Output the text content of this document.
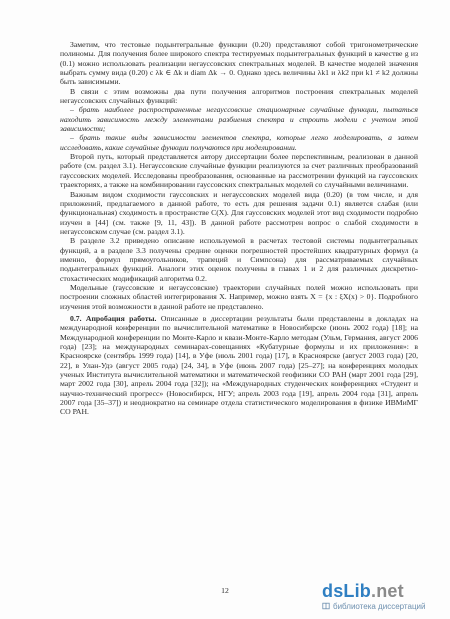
Заметим, что тестовые подынтегральные функции (0.20) представляют собой тригонометрические полиномы. Для получения более широкого спектра тестируемых подынтегральных функций в качестве g из (0.1) можно использовать реализации негауссовских спектральных моделей. В качестве моделей значения выбрать сумму вида (0.20) с λk ∈ Δk и diam Δk → 0. Однако здесь величины λk1 и λk2 при k1 ≠ k2 должны быть зависимыми.

В связи с этим возможны два пути получения алгоритмов построения спектральных моделей негауссовских случайных функций:

– брать наиболее распространенные негауссовские стационарные случайные функции, пытаться находить зависимость между элементами разбиения спектра и строить модели с учетом этой зависимости;

– брать такие виды зависимости элементов спектра, которые легко моделировать, а затем исследовать, какие случайные функции получаются при моделировании.

Второй путь, который представляется автору диссертации более перспективным, реализован в данной работе (см. раздел 3.1). Негауссовские случайные функции реализуются за счет различных преобразований гауссовских моделей. Исследованы преобразования, основанные на рассмотрении функций на гауссовских траекториях, а также на комбинировании гауссовских спектральных моделей со случайными величинами.

Важным видом сходимости гауссовских и негауссовских моделей вида (0.20) (в том числе, и для приложений, предлагаемого в данной работе, то есть для решения задачи 0.1) является слабая (или функциональная) сходимость в пространстве C(X). Для гауссовских моделей этот вид сходимости подробно изучен в [44] (см. также [9, 11, 43]). В данной работе рассмотрен вопрос о слабой сходимости в негауссовском случае (см. раздел 3.1).

В разделе 3.2 приведено описание используемой в расчетах тестовой системы подынтегральных функций, а в разделе 3.3 получены средние оценки погрешностей простейших квадратурных формул (а именно, формул прямоугольников, трапеций и Симпсона) для рассматриваемых случайных подынтегральных функций. Аналоги этих оценок получены в главах 1 и 2 для различных дискретно-стохастических модификаций алгоритма 0.2.

Модельные (гауссовские и негауссовские) траектории случайных полей можно использовать при построении сложных областей интегрирования X. Например, можно взять X = {x : ξX(x) > 0}. Подробного изучения этой возможности в данной работе не представлено.

0.7. Апробация работы. Описанные в диссертации результаты были представлены в докладах на международной конференции по вычислительной математике в Новосибирске (июнь 2002 года) [18]; на Международной конференции по Монте-Карло и квази-Монте-Карло методам (Ульм, Германия, август 2006 года) [23]; на международных семинарах-совещаниях «Кубатурные формулы и их приложения»: в Красноярске (сентябрь 1999 года) [14], в Уфе (июль 2001 года) [17], в Красноярске (август 2003 года) [20, 22], в Улан-Удэ (август 2005 года) [24, 34], в Уфе (июнь 2007 года) [25–27]; на конференциях молодых ученых Института вычислительной математики и математической геофизики СО РАН (март 2001 года [29], март 2002 года [30], апрель 2004 года [32]); на «Международных студенческих конференциях «Студент и научно-технический прогресс» (Новосибирск, НГУ; апрель 2003 года [19], апрель 2004 года [31], апрель 2007 года [35–37]) и неоднократно на семинаре отдела статистического моделирования в физике ИВМиМГ СО РАН.

12	dsLib.net
библиотека диссертаций
